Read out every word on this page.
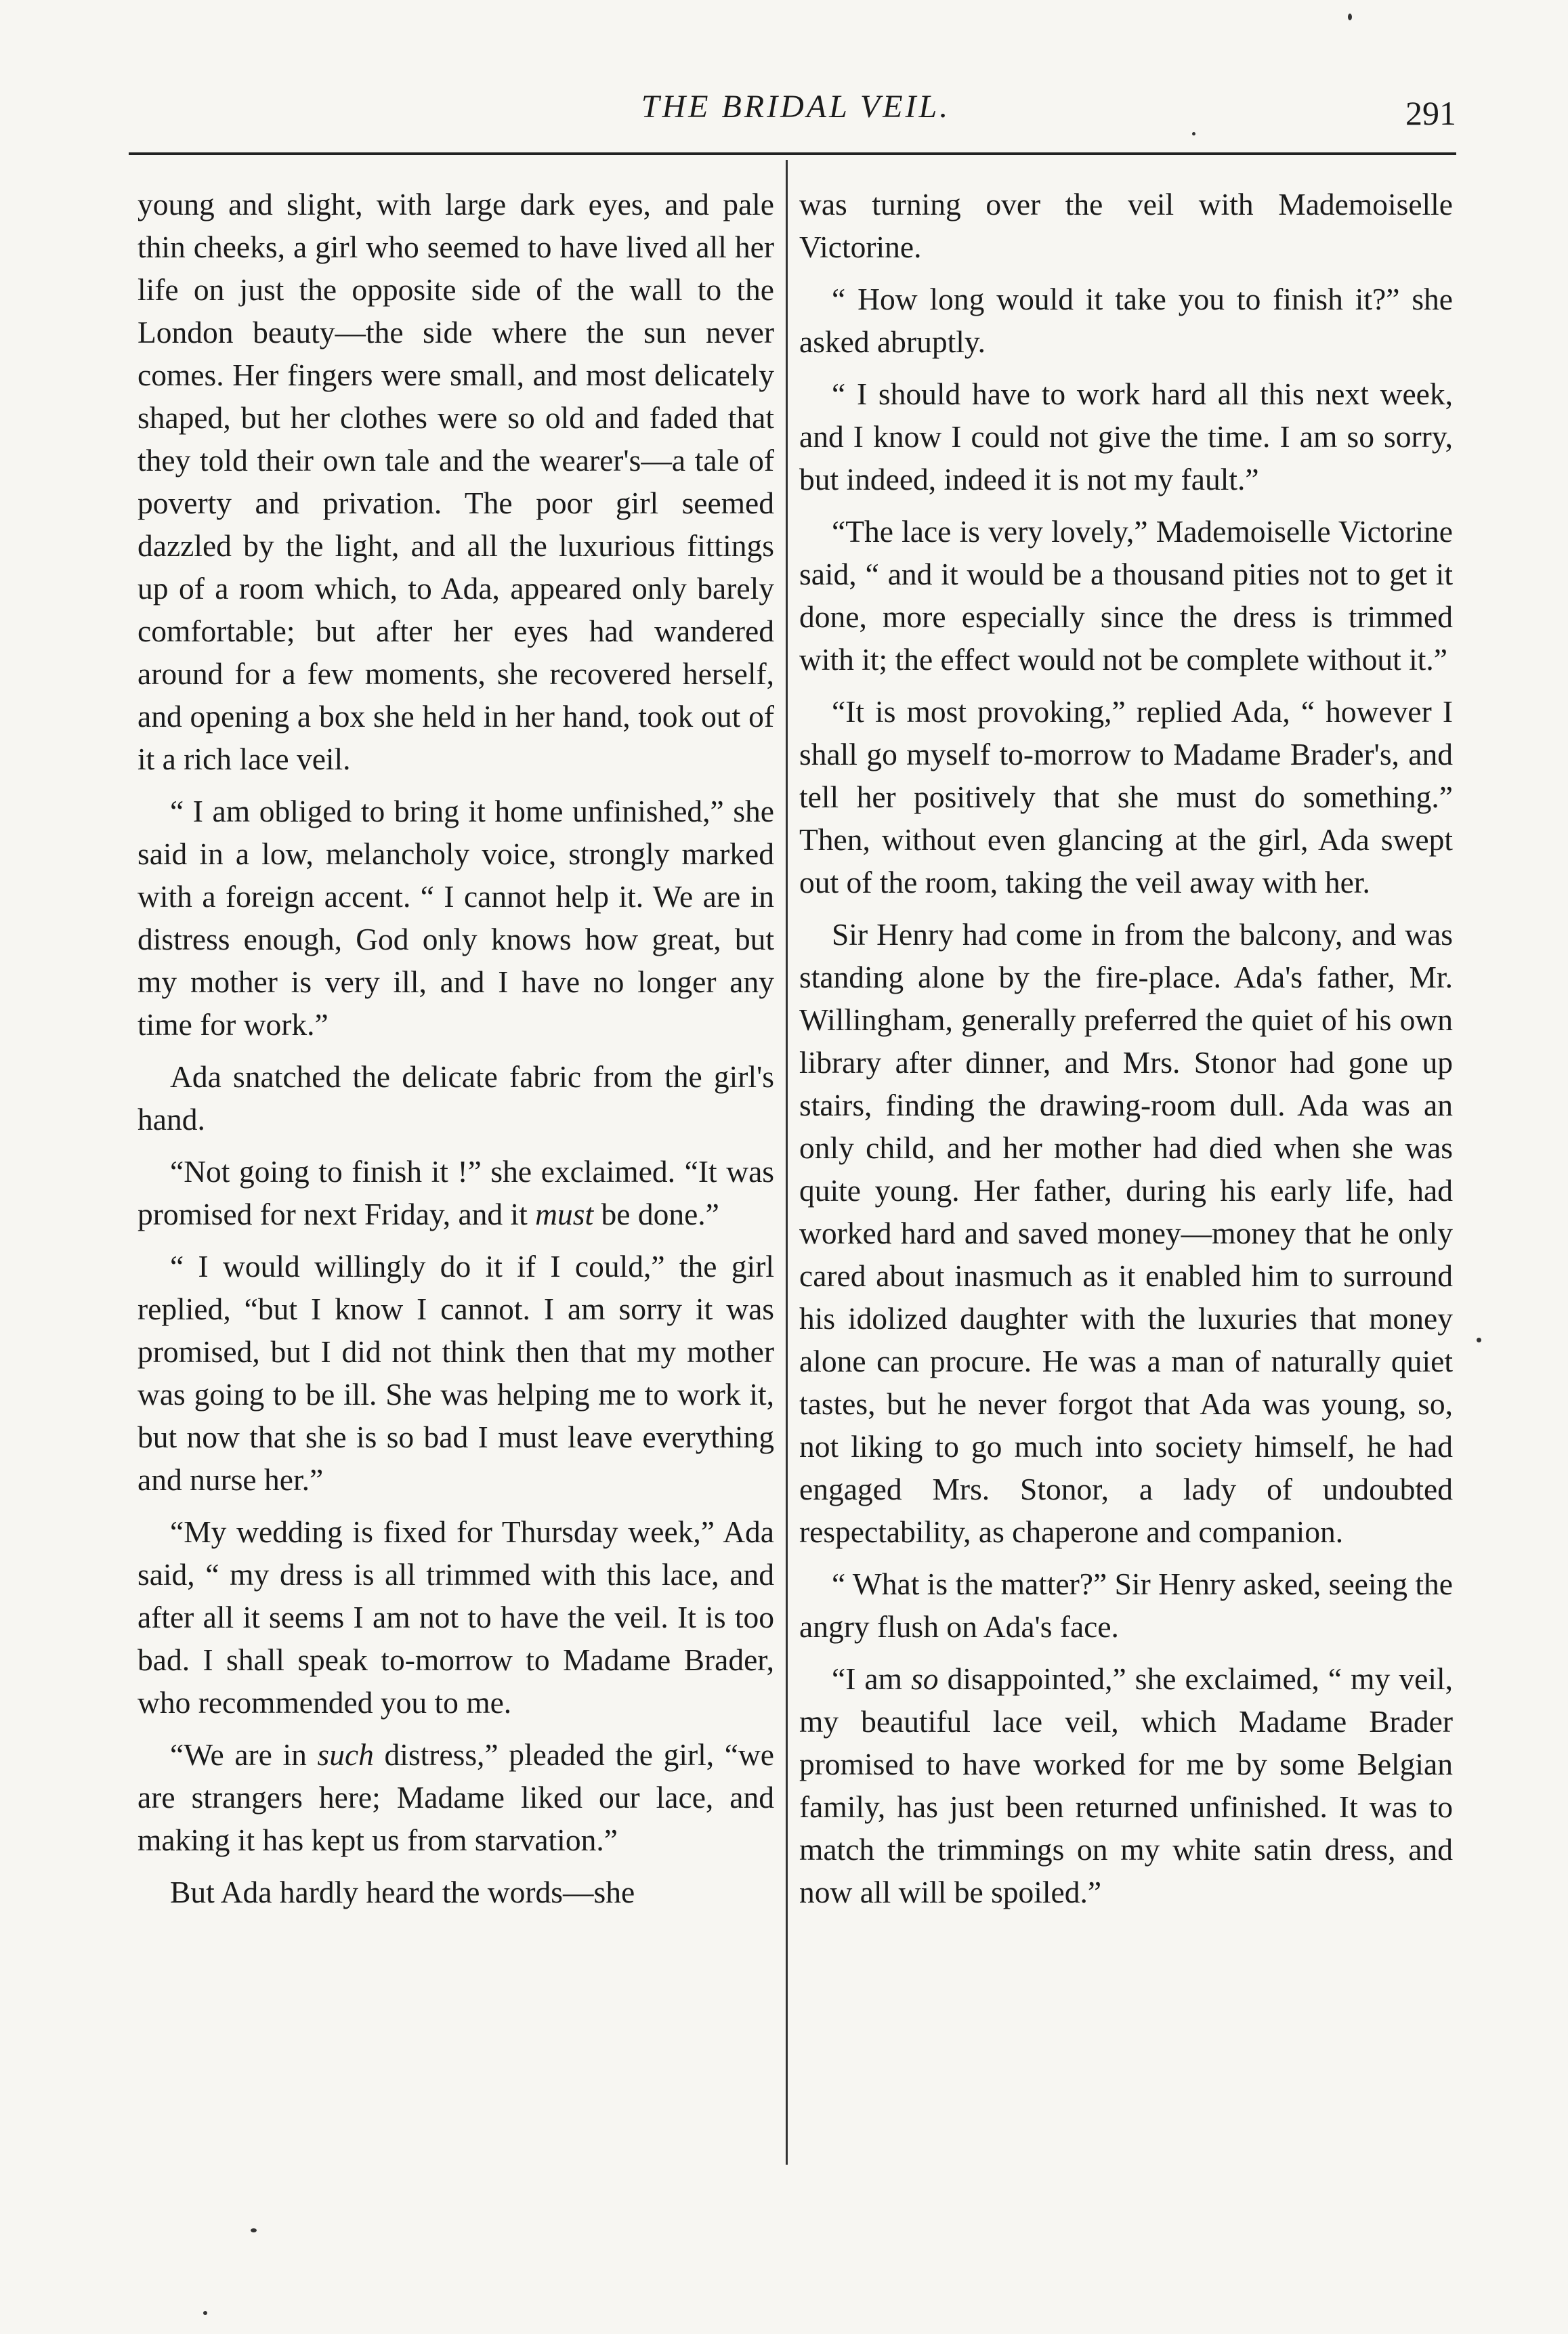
THE BRIDAL VEIL.	291

young and slight, with large dark eyes, and pale thin cheeks, a girl who seemed to have lived all her life on just the opposite side of the wall to the London beauty—the side where the sun never comes. Her fingers were small, and most delicately shaped, but her clothes were so old and faded that they told their own tale and the wearer's—a tale of poverty and privation. The poor girl seemed dazzled by the light, and all the luxurious fittings up of a room which, to Ada, appeared only barely comfortable; but after her eyes had wandered around for a few moments, she recovered herself, and opening a box she held in her hand, took out of it a rich lace veil.

“ I am obliged to bring it home unfinished,” she said in a low, melancholy voice, strongly marked with a foreign accent. “ I cannot help it. We are in distress enough, God only knows how great, but my mother is very ill, and I have no longer any time for work.”

Ada snatched the delicate fabric from the girl's hand.

“Not going to finish it !” she exclaimed. “It was promised for next Friday, and it must be done.”

“ I would willingly do it if I could,” the girl replied, “but I know I cannot. I am sorry it was promised, but I did not think then that my mother was going to be ill. She was helping me to work it, but now that she is so bad I must leave everything and nurse her.”

“My wedding is fixed for Thursday week,” Ada said, “ my dress is all trimmed with this lace, and after all it seems I am not to have the veil. It is too bad. I shall speak to-morrow to Madame Brader, who recommended you to me.

“We are in such distress,” pleaded the girl, “we are strangers here; Madame liked our lace, and making it has kept us from starvation.”

But Ada hardly heard the words—she

was turning over the veil with Mademoiselle Victorine.

“ How long would it take you to finish it?” she asked abruptly.

“ I should have to work hard all this next week, and I know I could not give the time. I am so sorry, but indeed, indeed it is not my fault.”

“The lace is very lovely,” Mademoiselle Victorine said, “ and it would be a thousand pities not to get it done, more especially since the dress is trimmed with it; the effect would not be complete without it.”

“It is most provoking,” replied Ada, “ however I shall go myself to-morrow to Madame Brader's, and tell her positively that she must do something.” Then, without even glancing at the girl, Ada swept out of the room, taking the veil away with her.

Sir Henry had come in from the balcony, and was standing alone by the fire-place. Ada's father, Mr. Willingham, generally preferred the quiet of his own library after dinner, and Mrs. Stonor had gone up stairs, finding the drawing-room dull. Ada was an only child, and her mother had died when she was quite young. Her father, during his early life, had worked hard and saved money—money that he only cared about inasmuch as it enabled him to surround his idolized daughter with the luxuries that money alone can procure. He was a man of naturally quiet tastes, but he never forgot that Ada was young, so, not liking to go much into society himself, he had engaged Mrs. Stonor, a lady of undoubted respectability, as chaperone and companion.

“ What is the matter?” Sir Henry asked, seeing the angry flush on Ada's face.

“I am so disappointed,” she exclaimed, “ my veil, my beautiful lace veil, which Madame Brader promised to have worked for me by some Belgian family, has just been returned unfinished. It was to match the trimmings on my white satin dress, and now all will be spoiled.”
